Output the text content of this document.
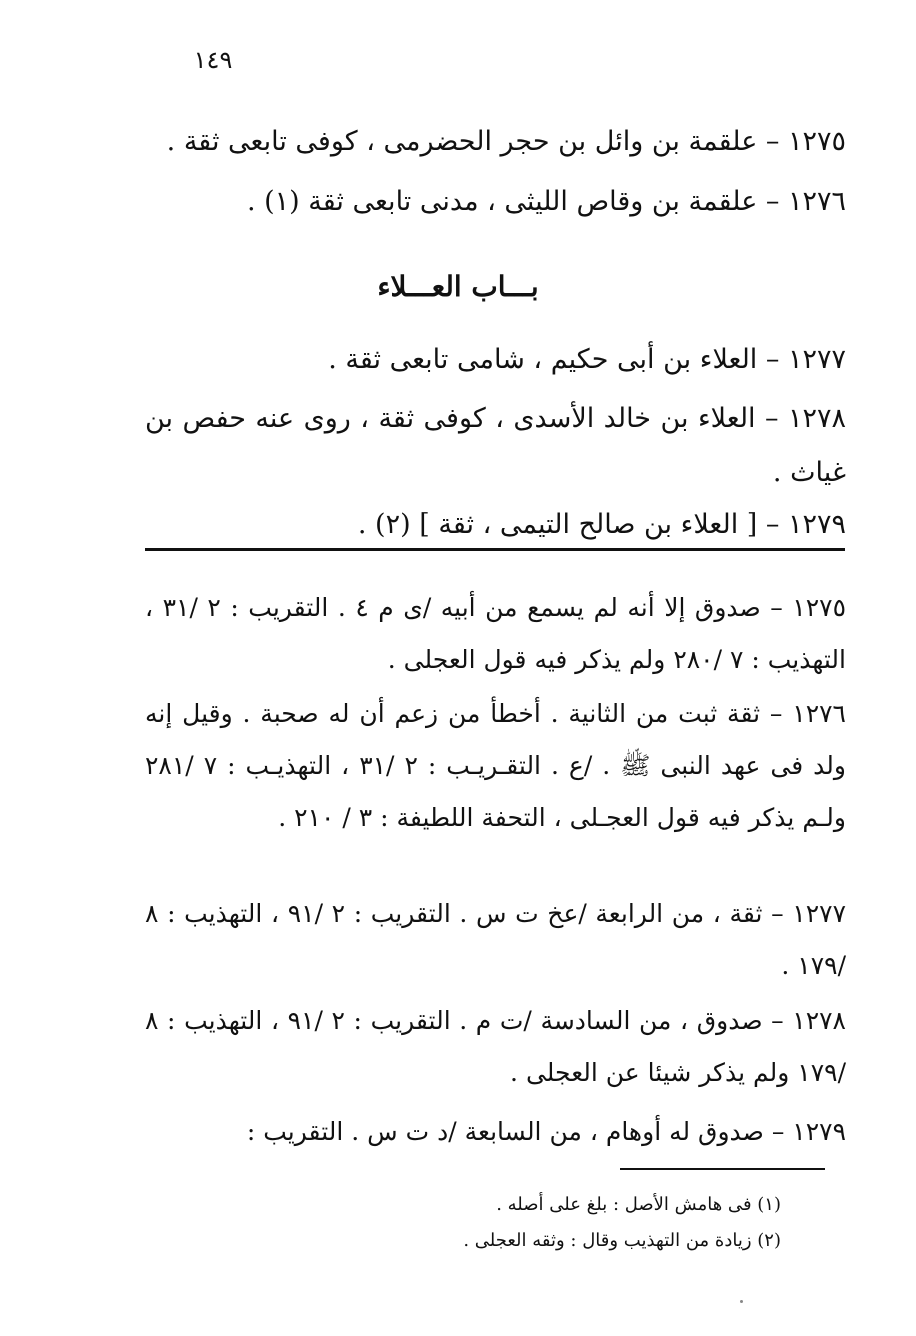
١٤٩
١٢٧٥ – علقمة بن وائل بن حجر الحضرمى ، كوفى تابعى ثقة .
١٢٧٦ – علقمة بن وقاص الليثى ، مدنى تابعى ثقة (١) .
بـــاب العـــلاء
١٢٧٧ – العلاء بن أبى حكيم ، شامى تابعى ثقة .
١٢٧٨ – العلاء بن خالد الأسدى ، كوفى ثقة ، روى عنه حفص بن غياث .
١٢٧٩ – [ العلاء بن صالح التيمى ، ثقة ] (٢) .
١٢٧٥ – صدوق إلا أنه لم يسمع من أبيه /ى م ٤ . التقريب : ٢ /٣١ ، التهذيب : ٧ /٢٨٠ ولم يذكر فيه قول العجلى .
١٢٧٦ – ثقة ثبت من الثانية . أخطأ من زعم أن له صحبة . وقيل إنه ولد فى عهد النبى ﷺ . /ع . التقـريـب : ٢ /٣١ ، التهذيـب : ٧ /٢٨١ ولـم يذكر فيه قول العجـلى ، التحفة اللطيفة : ٣ / ٢١٠ .
١٢٧٧ – ثقة ، من الرابعة /عخ ت س . التقريب : ٢ /٩١ ، التهذيب : ٨ /١٧٩ .
١٢٧٨ – صدوق ، من السادسة /ت م . التقريب : ٢ /٩١ ، التهذيب : ٨ /١٧٩ ولم يذكر شيئا عن العجلى .
١٢٧٩ – صدوق له أوهام ، من السابعة /د ت س . التقريب :
(١) فى هامش الأصل : بلغ على أصله .
(٢) زيادة من التهذيب وقال : وثقه العجلى .
